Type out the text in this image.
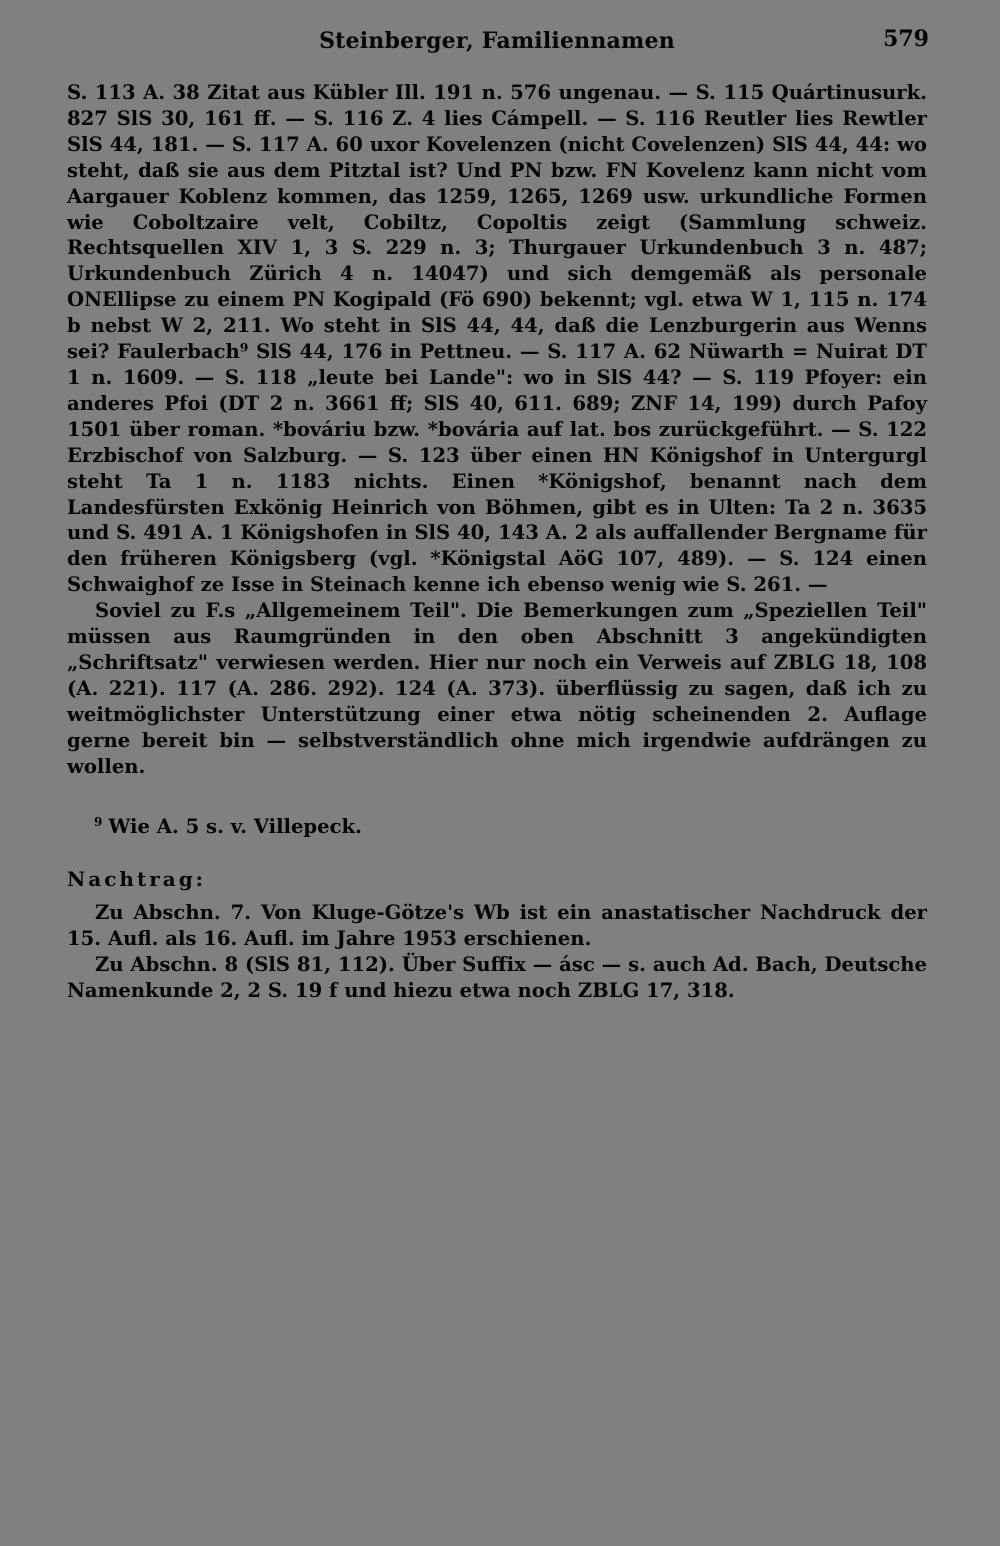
Steinberger, Familiennamen	579

S. 113 A. 38 Zitat aus Kübler Ill. 191 n. 576 ungenau. — S. 115 Quártinusurk. 827 SlS 30, 161 ff. — S. 116 Z. 4 lies Cámpell. — S. 116 Reutler lies Rewtler SlS 44, 181. — S. 117 A. 60 uxor Kovelenzen (nicht Covelenzen) SlS 44, 44: wo steht, daß sie aus dem Pitztal ist? Und PN bzw. FN Kovelenz kann nicht vom Aargauer Koblenz kommen, das 1259, 1265, 1269 usw. urkundliche Formen wie Coboltzaire velt, Cobiltz, Copoltis zeigt (Sammlung schweiz. Rechtsquellen XIV 1, 3 S. 229 n. 3; Thurgauer Urkundenbuch 3 n. 487; Urkundenbuch Zürich 4 n. 14047) und sich demgemäß als personale ONEllipse zu einem PN Kogipald (Fö 690) bekennt; vgl. etwa W 1, 115 n. 174 b nebst W 2, 211. Wo steht in SlS 44, 44, daß die Lenzburgerin aus Wenns sei? Faulerbach⁹ SlS 44, 176 in Pettneu. — S. 117 A. 62 Nüwarth = Nuirat DT 1 n. 1609. — S. 118 „leute bei Lande": wo in SlS 44? — S. 119 Pfoyer: ein anderes Pfoi (DT 2 n. 3661 ff; SlS 40, 611. 689; ZNF 14, 199) durch Pafoy 1501 über roman. *bováriu bzw. *bovária auf lat. bos zurückgeführt. — S. 122 Erzbischof von Salzburg. — S. 123 über einen HN Königshof in Untergurgl steht Ta 1 n. 1183 nichts. Einen *Königshof, benannt nach dem Landesfürsten Exkönig Heinrich von Böhmen, gibt es in Ulten: Ta 2 n. 3635 und S. 491 A. 1 Königshofen in SlS 40, 143 A. 2 als auffallender Bergname für den früheren Königsberg (vgl. *Königstal AöG 107, 489). — S. 124 einen Schwaighof ze Isse in Steinach kenne ich ebenso wenig wie S. 261. —

Soviel zu F.s „Allgemeinem Teil". Die Bemerkungen zum „Speziellen Teil" müssen aus Raumgründen in den oben Abschnitt 3 angekündigten „Schriftsatz" verwiesen werden. Hier nur noch ein Verweis auf ZBLG 18, 108 (A. 221). 117 (A. 286. 292). 124 (A. 373). überflüssig zu sagen, daß ich zu weitmöglichster Unterstützung einer etwa nötig scheinenden 2. Auflage gerne bereit bin — selbstverständlich ohne mich irgendwie aufdrängen zu wollen.

$^9$ Wie A. 5 s. v. Villepeck.

Nachtrag:

Zu Abschn. 7. Von Kluge-Götze's Wb ist ein anastatischer Nachdruck der 15. Aufl. als 16. Aufl. im Jahre 1953 erschienen.

Zu Abschn. 8 (SlS 81, 112). Über Suffix — ásc — s. auch Ad. Bach, Deutsche Namenkunde 2, 2 S. 19 f und hiezu etwa noch ZBLG 17, 318.
